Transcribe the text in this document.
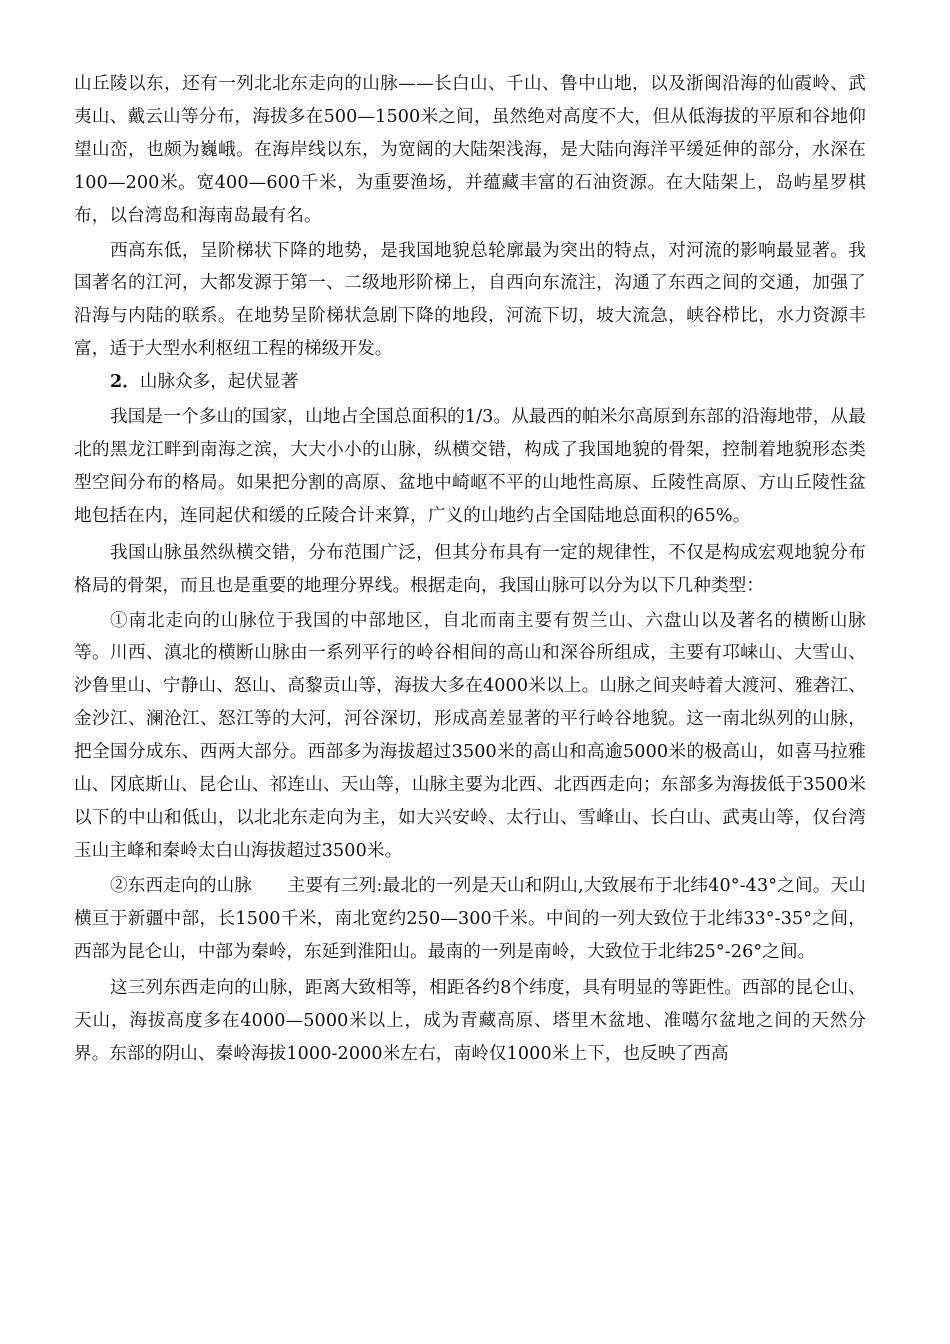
山丘陵以东，还有一列北北东走向的山脉——长白山、千山、鲁中山地，以及浙闽沿海的仙霞岭、武夷山、戴云山等分布，海拔多在500—1500米之间，虽然绝对高度不大，但从低海拔的平原和谷地仰望山峦，也颇为巍峨。在海岸线以东，为宽阔的大陆架浅海，是大陆向海洋平缓延伸的部分，水深在100—200米。宽400—600千米，为重要渔场，并蕴藏丰富的石油资源。在大陆架上，岛屿星罗棋布，以台湾岛和海南岛最有名。

西高东低，呈阶梯状下降的地势，是我国地貌总轮廓最为突出的特点，对河流的影响最显著。我国著名的江河，大都发源于第一、二级地形阶梯上，自西向东流注，沟通了东西之间的交通，加强了沿海与内陆的联系。在地势呈阶梯状急剧下降的地段，河流下切，坡大流急，峡谷栉比，水力资源丰富，适于大型水利枢纽工程的梯级开发。

2．山脉众多，起伏显著

我国是一个多山的国家，山地占全国总面积的1/3。从最西的帕米尔高原到东部的沿海地带，从最北的黑龙江畔到南海之滨，大大小小的山脉，纵横交错，构成了我国地貌的骨架，控制着地貌形态类型空间分布的格局。如果把分割的高原、盆地中崎岖不平的山地性高原、丘陵性高原、方山丘陵性盆地包括在内，连同起伏和缓的丘陵合计来算，广义的山地约占全国陆地总面积的65%。

我国山脉虽然纵横交错，分布范围广泛，但其分布具有一定的规律性，不仅是构成宏观地貌分布格局的骨架，而且也是重要的地理分界线。根据走向，我国山脉可以分为以下几种类型：

①南北走向的山脉位于我国的中部地区，自北而南主要有贺兰山、六盘山以及著名的横断山脉等。川西、滇北的横断山脉由一系列平行的岭谷相间的高山和深谷所组成，主要有邛崃山、大雪山、沙鲁里山、宁静山、怒山、高黎贡山等，海拔大多在4000米以上。山脉之间夹峙着大渡河、雅砻江、金沙江、澜沧江、怒江等的大河，河谷深切，形成高差显著的平行岭谷地貌。这一南北纵列的山脉，把全国分成东、西两大部分。西部多为海拔超过3500米的高山和高逾5000米的极高山，如喜马拉雅山、冈底斯山、昆仑山、祁连山、天山等，山脉主要为北西、北西西走向；东部多为海拔低于3500米以下的中山和低山，以北北东走向为主，如大兴安岭、太行山、雪峰山、长白山、武夷山等，仅台湾玉山主峰和秦岭太白山海拔超过3500米。

②东西走向的山脉　　主要有三列:最北的一列是天山和阴山,大致展布于北纬40°-43°之间。天山横亘于新疆中部，长1500千米，南北宽约250—300千米。中间的一列大致位于北纬33°-35°之间，西部为昆仑山，中部为秦岭，东延到淮阳山。最南的一列是南岭，大致位于北纬25°-26°之间。

这三列东西走向的山脉，距离大致相等，相距各约8个纬度，具有明显的等距性。西部的昆仑山、天山，海拔高度多在4000—5000米以上，成为青藏高原、塔里木盆地、准噶尔盆地之间的天然分界。东部的阴山、秦岭海拔1000-2000米左右，南岭仅1000米上下，也反映了西高
